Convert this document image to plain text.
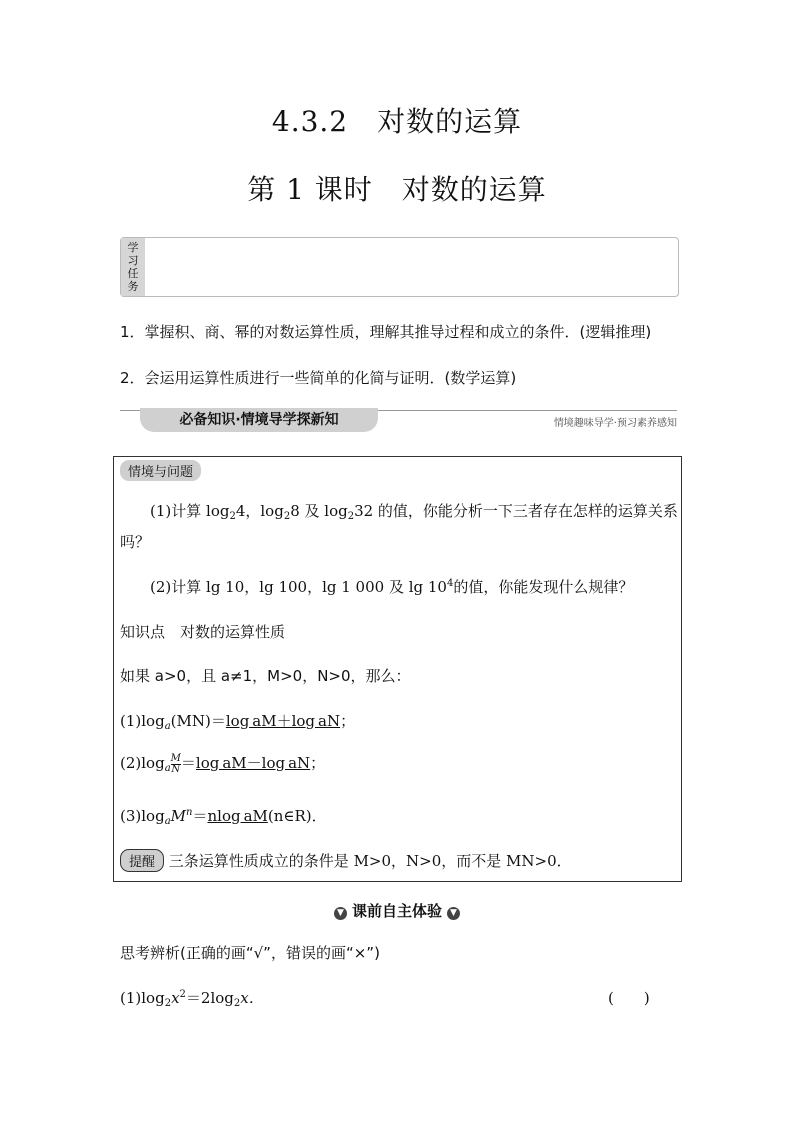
4.3.2　对数的运算
第 1 课时　对数的运算
学
习
任
务
1．掌握积、商、幂的对数运算性质，理解其推导过程和成立的条件．(逻辑推理)
2．会运用运算性质进行一些简单的化简与证明．(数学运算)
必备知识·情境导学探新知	情境趣味导学·预习素养感知
情境与问题
(1)计算 $\log_24$，$\log_28$ 及 $\log_232$ 的值，你能分析一下三者存在怎样的运算关系
吗？
(2)计算 lg 10，lg 100，lg 1 000 及 $\lg 10^4$的值，你能发现什么规律？
知识点　对数的运算性质
如果 a>0，且 a≠1，M>0，N>0，那么：
$(1)\log_a(MN)=\log$ aM＋log aN；
$(2)\log_a \frac{M}{N} =\log$ aM－log aN；
$(3)\log_aM^n=nlog$ aM(n∈R)．
提醒 三条运算性质成立的条件是 M>0，N>0，而不是 MN>0．
▼ 课前自主体验 ▼
思考辨析(正确的画“√”，错误的画“×”)
$(1)\log_2x^2=2\log_2x$．	(　　)
